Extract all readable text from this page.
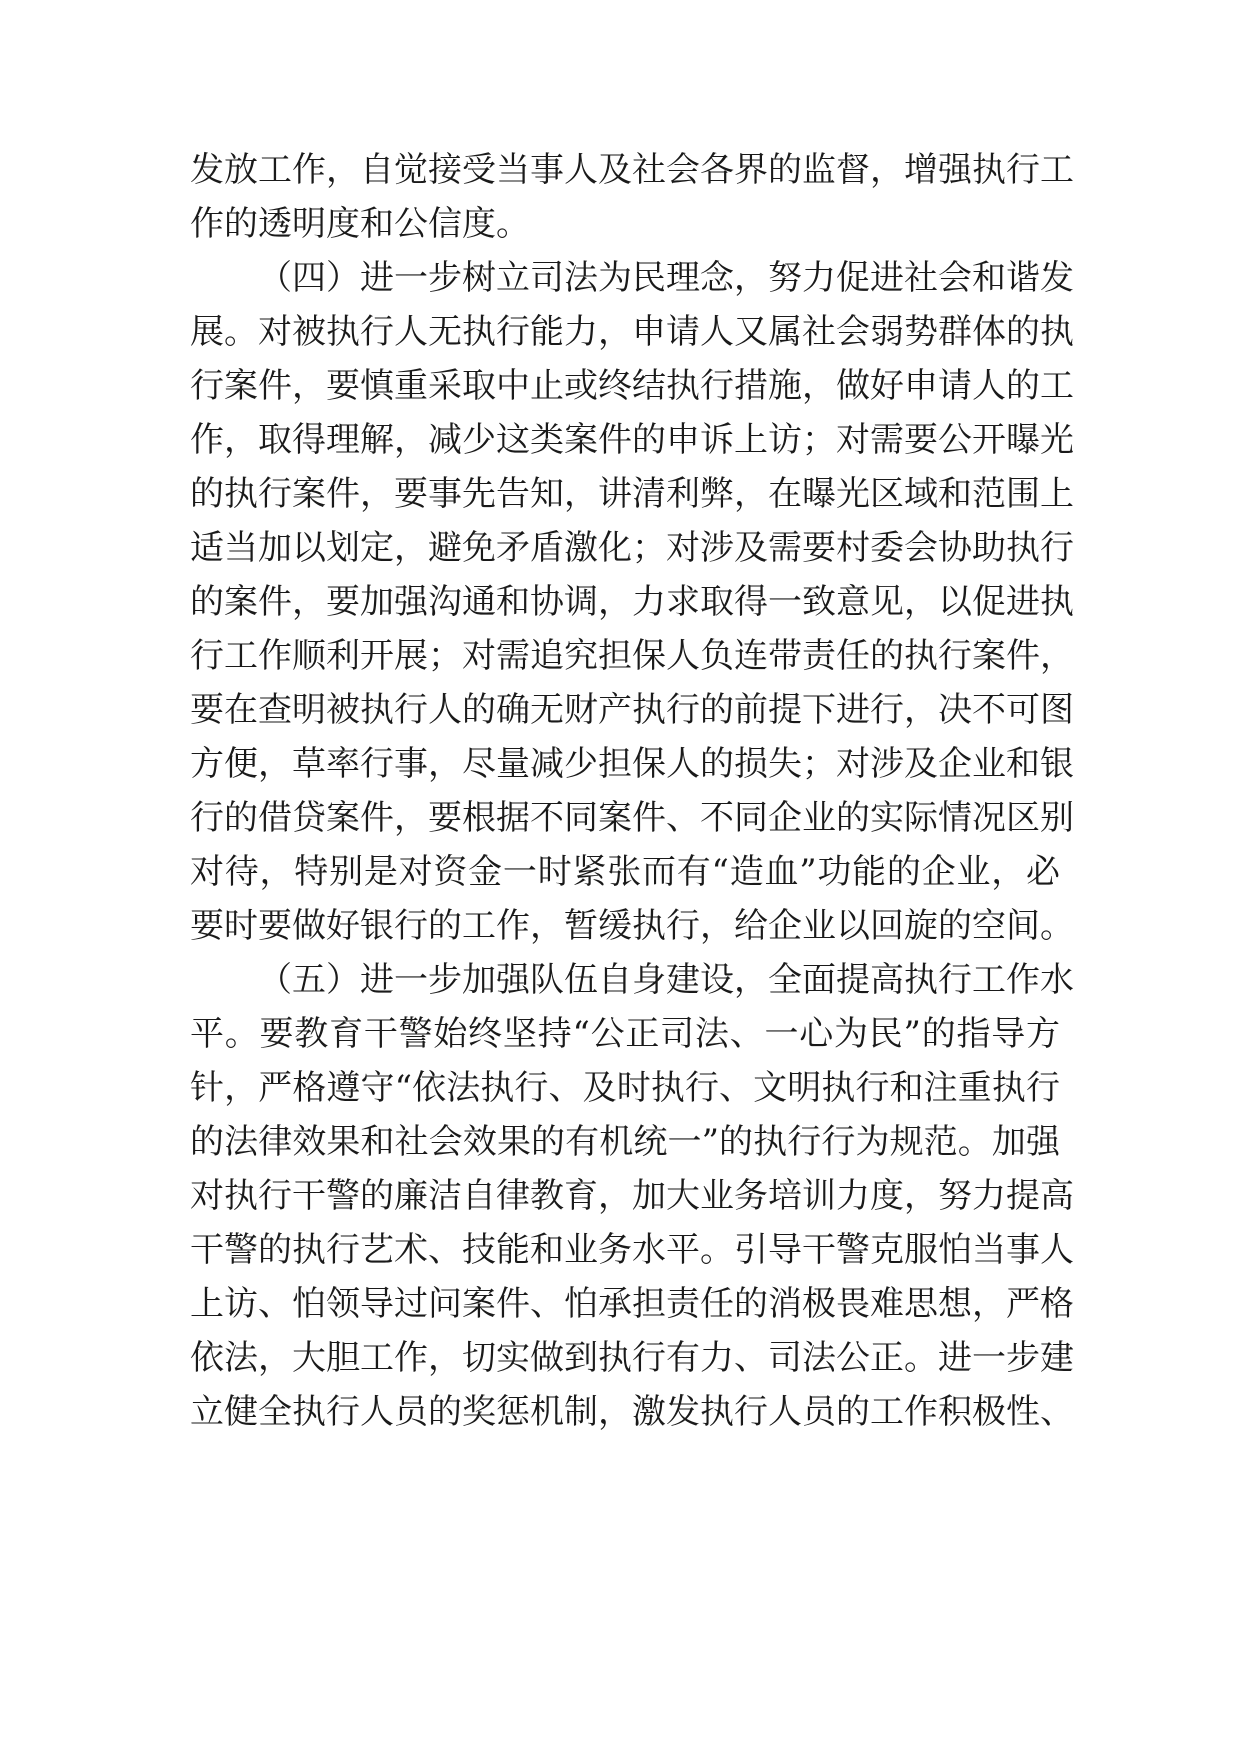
发放工作，自觉接受当事人及社会各界的监督，增强执行工
作的透明度和公信度。
（四）进一步树立司法为民理念，努力促进社会和谐发
展。对被执行人无执行能力，申请人又属社会弱势群体的执
行案件，要慎重采取中止或终结执行措施，做好申请人的工
作，取得理解，减少这类案件的申诉上访；对需要公开曝光
的执行案件，要事先告知，讲清利弊，在曝光区域和范围上
适当加以划定，避免矛盾激化；对涉及需要村委会协助执行
的案件，要加强沟通和协调，力求取得一致意见，以促进执
行工作顺利开展；对需追究担保人负连带责任的执行案件，
要在查明被执行人的确无财产执行的前提下进行，决不可图
方便，草率行事，尽量减少担保人的损失；对涉及企业和银
行的借贷案件，要根据不同案件、不同企业的实际情况区别
对待，特别是对资金一时紧张而有“造血”功能的企业，必
要时要做好银行的工作，暂缓执行，给企业以回旋的空间。
（五）进一步加强队伍自身建设，全面提高执行工作水
平。要教育干警始终坚持“公正司法、一心为民”的指导方
针，严格遵守“依法执行、及时执行、文明执行和注重执行
的法律效果和社会效果的有机统一”的执行行为规范。加强
对执行干警的廉洁自律教育，加大业务培训力度，努力提高
干警的执行艺术、技能和业务水平。引导干警克服怕当事人
上访、怕领导过问案件、怕承担责任的消极畏难思想，严格
依法，大胆工作，切实做到执行有力、司法公正。进一步建
立健全执行人员的奖惩机制，激发执行人员的工作积极性、
